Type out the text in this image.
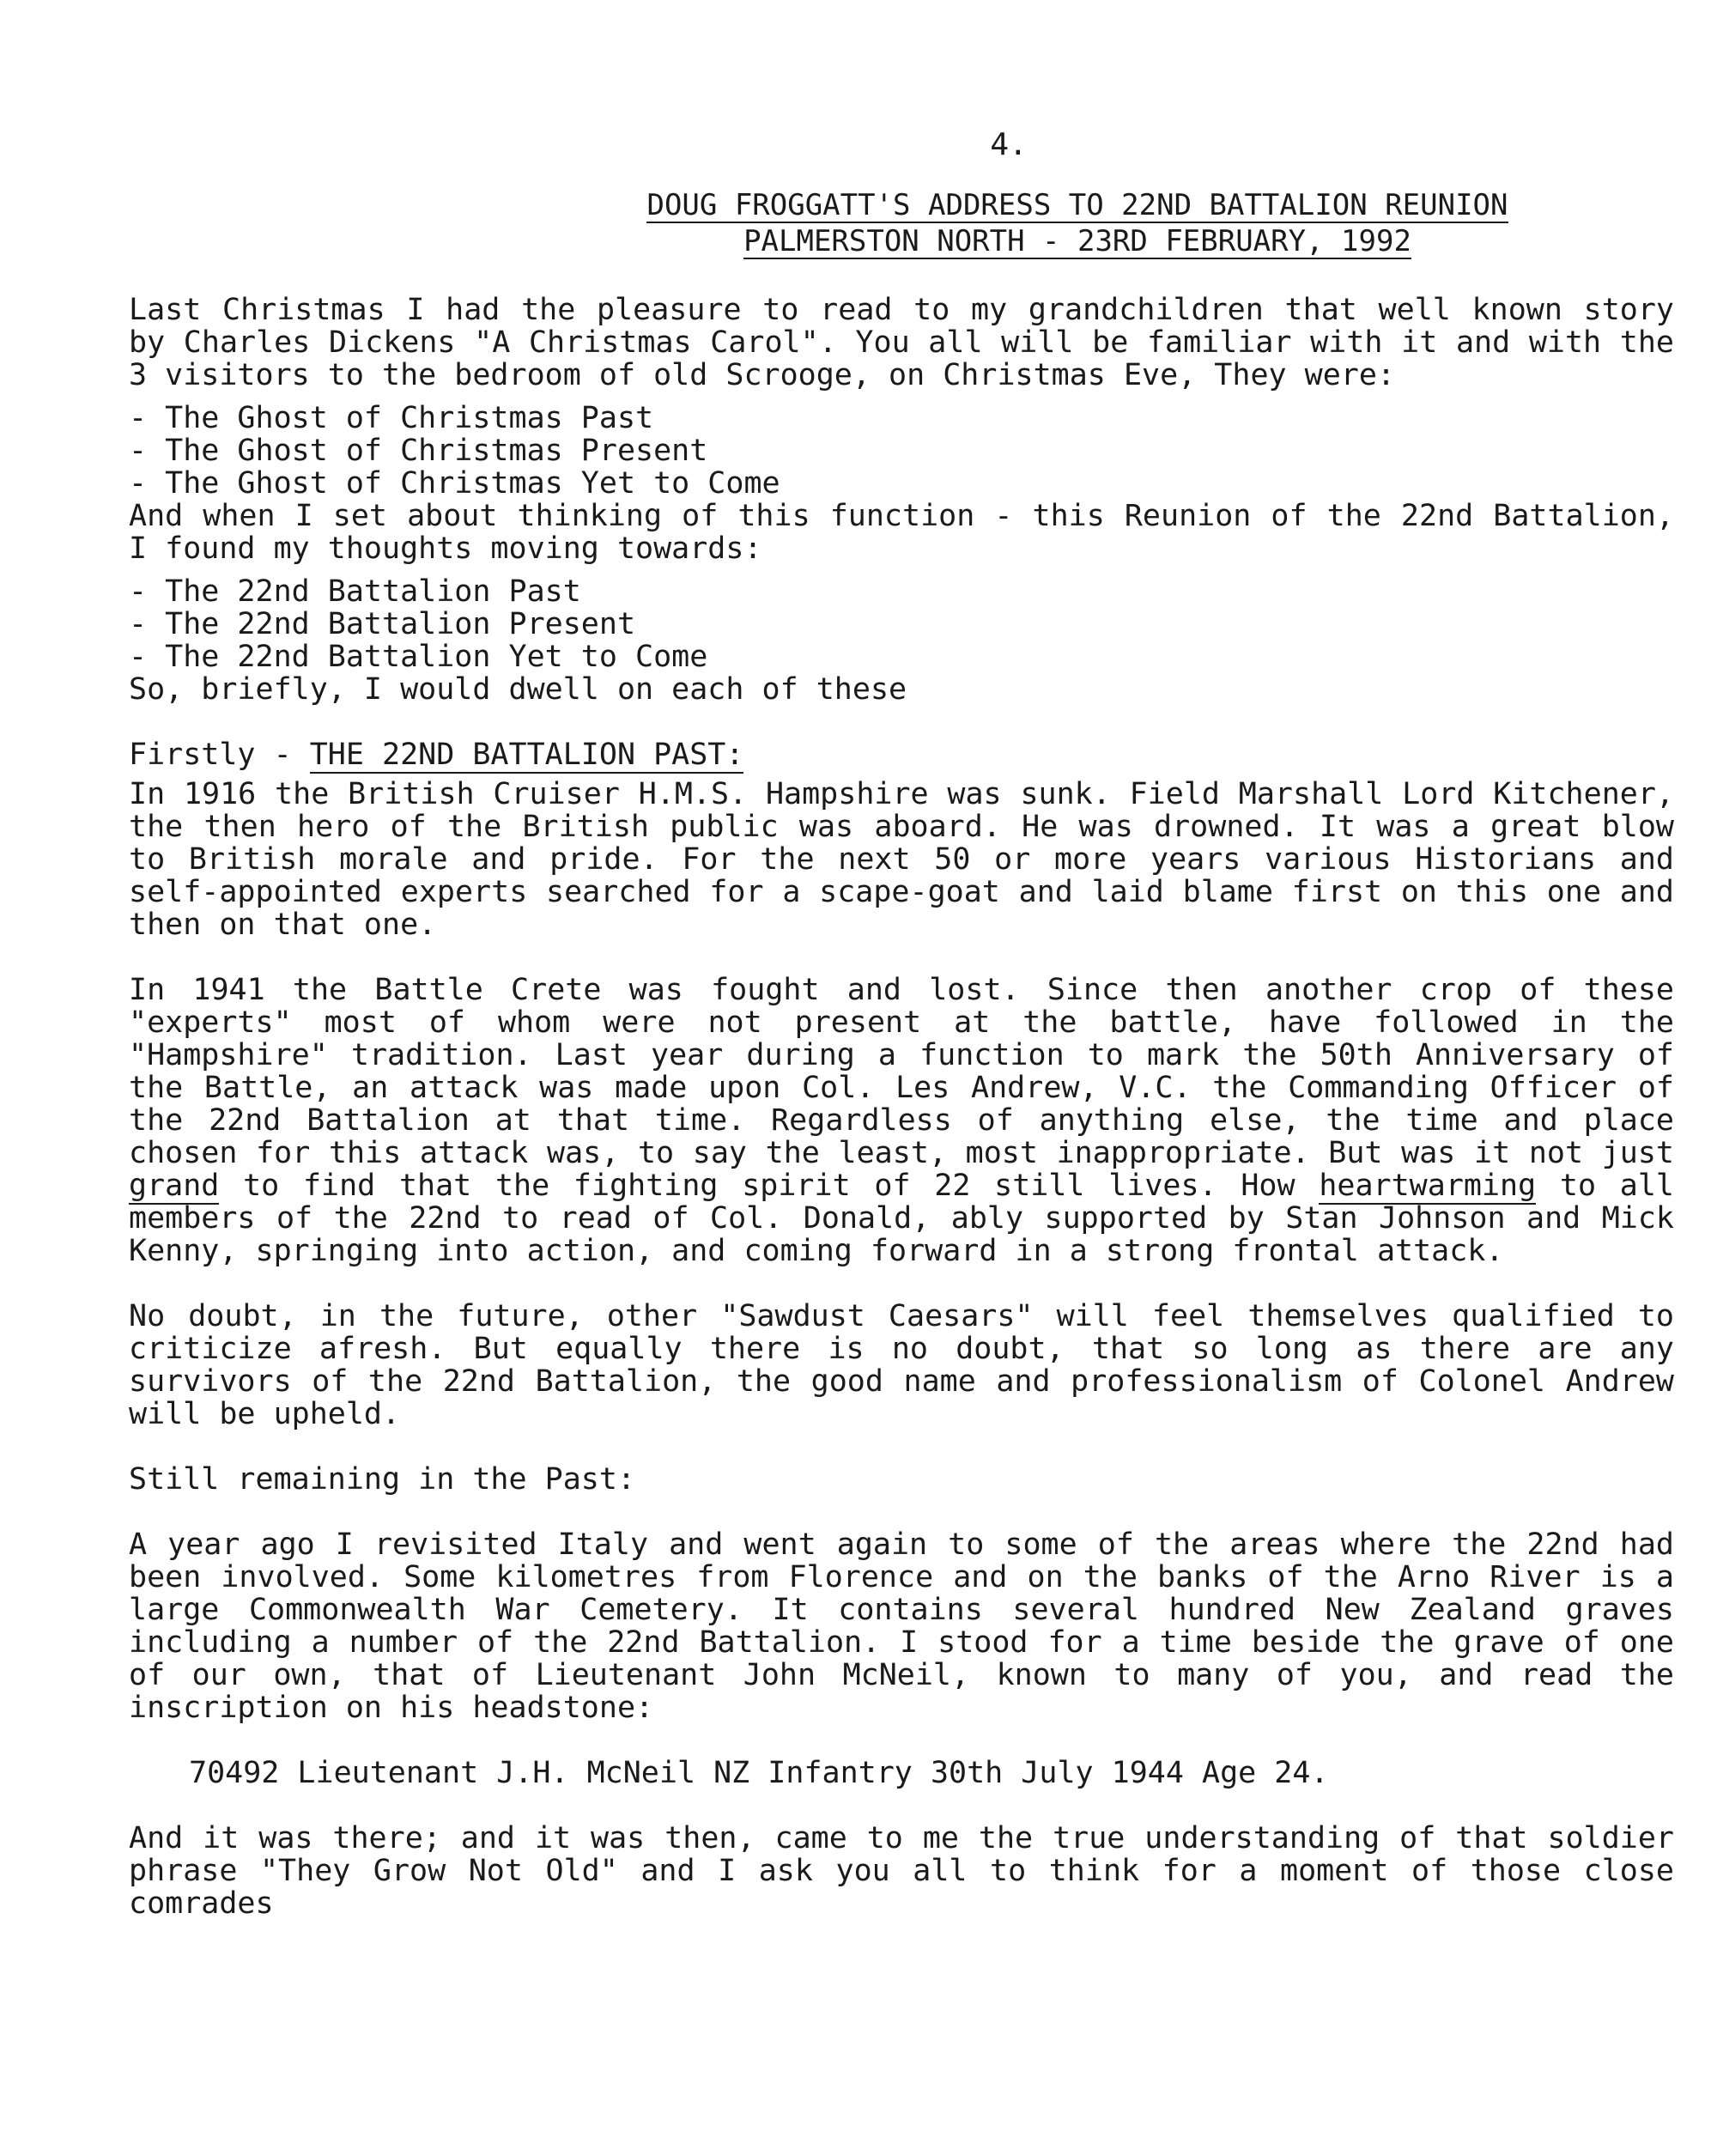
4.
DOUG FROGGATT'S ADDRESS TO 22ND BATTALION REUNION
PALMERSTON NORTH - 23RD FEBRUARY, 1992

Last Christmas I had the pleasure to read to my grandchildren that well known story by Charles Dickens "A Christmas Carol". You all will be familiar with it and with the 3 visitors to the bedroom of old Scrooge, on Christmas Eve, They were:

- The Ghost of Christmas Past
- The Ghost of Christmas Present
- The Ghost of Christmas Yet to Come

And when I set about thinking of this function - this Reunion of the 22nd Battalion, I found my thoughts moving towards:

- The 22nd Battalion Past
- The 22nd Battalion Present
- The 22nd Battalion Yet to Come

So, briefly, I would dwell on each of these

Firstly - THE 22ND BATTALION PAST:

In 1916 the British Cruiser H.M.S. Hampshire was sunk. Field Marshall Lord Kitchener, the then hero of the British public was aboard. He was drowned. It was a great blow to British morale and pride. For the next 50 or more years various Historians and self-appointed experts searched for a scape-goat and laid blame first on this one and then on that one.

In 1941 the Battle Crete was fought and lost. Since then another crop of these "experts" most of whom were not present at the battle, have followed in the "Hampshire" tradition. Last year during a function to mark the 50th Anniversary of the Battle, an attack was made upon Col. Les Andrew, V.C. the Commanding Officer of the 22nd Battalion at that time. Regardless of anything else, the time and place chosen for this attack was, to say the least, most inappropriate. But was it not just grand to find that the fighting spirit of 22 still lives. How heartwarming to all members of the 22nd to read of Col. Donald, ably supported by Stan Johnson and Mick Kenny, springing into action, and coming forward in a strong frontal attack.

No doubt, in the future, other "Sawdust Caesars" will feel themselves qualified to criticize afresh. But equally there is no doubt, that so long as there are any survivors of the 22nd Battalion, the good name and professionalism of Colonel Andrew will be upheld.

Still remaining in the Past:

A year ago I revisited Italy and went again to some of the areas where the 22nd had been involved. Some kilometres from Florence and on the banks of the Arno River is a large Commonwealth War Cemetery. It contains several hundred New Zealand graves including a number of the 22nd Battalion. I stood for a time beside the grave of one of our own, that of Lieutenant John McNeil, known to many of you, and read the inscription on his headstone:

70492 Lieutenant J.H. McNeil NZ Infantry 30th July 1944 Age 24.

And it was there; and it was then, came to me the true understanding of that soldier phrase "They Grow Not Old" and I ask you all to think for a moment of those close comrades
